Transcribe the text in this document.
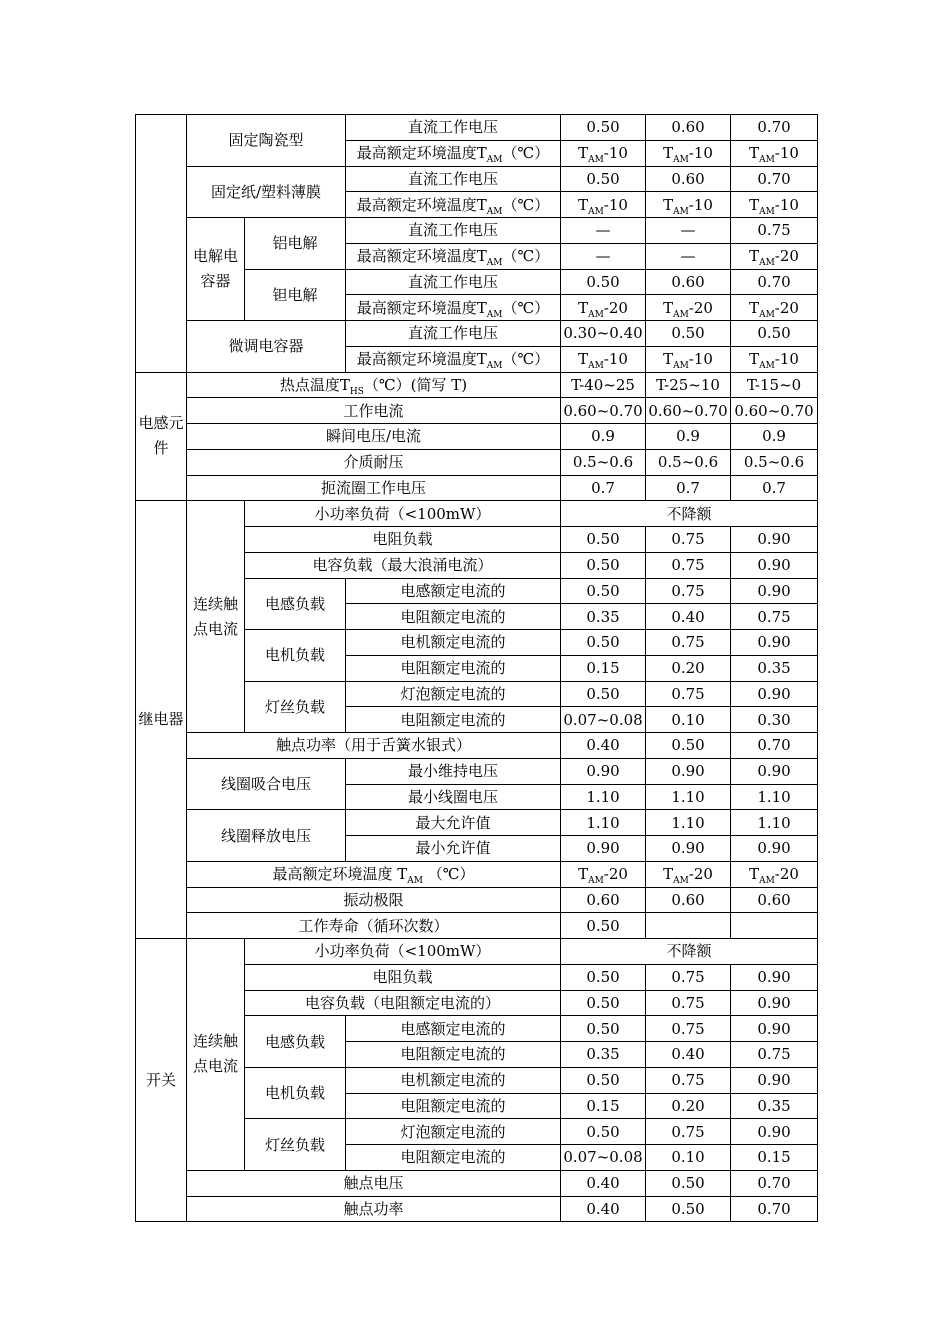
	固定陶瓷型		直流工作电压	0.50	0.60	0.70
			最高额定环境温度$T_{AM}(℃)$	$T_{AM}-10$	$T_{AM}-10$	$T_{AM}-10$
	固定纸/塑料薄膜		直流工作电压	0.50	0.60	0.70
			最高额定环境温度$T_{AM}(℃)$	$T_{AM}-10$	$T_{AM}-10$	$T_{AM}-10$
	电解电容器	铝电解	直流工作电压	—	—	0.75
			最高额定环境温度$T_{AM}(℃)$	—	—	$T_{AM}-20$
		钽电解	直流工作电压	0.50	0.60	0.70
			最高额定环境温度$T_{AM}(℃)$	$T_{AM}-20$	$T_{AM}-20$	$T_{AM}-20$
	微调电容器		直流工作电压	0.30~0.40	0.50	0.50
			最高额定环境温度$T_{AM}(℃)$	$T_{AM}-10$	$T_{AM}-10$	$T_{AM}-10$
电感元件	热点温度$T_{HS}(℃)$(简写 T)			T-40~25	T-25~10	T-15~0
	工作电流			0.60~0.70	0.60~0.70	0.60~0.70
	瞬间电压/电流			0.9	0.9	0.9
	介质耐压			0.5~0.6	0.5~0.6	0.5~0.6
	扼流圈工作电压			0.7	0.7	0.7
继电器	连续触点电流	小功率负荷（<100mW）		不降额		
		电阻负载		0.50	0.75	0.90
		电容负载（最大浪涌电流）		0.50	0.75	0.90
		电感负载	电感额定电流的	0.50	0.75	0.90
			电阻额定电流的	0.35	0.40	0.75
		电机负载	电机额定电流的	0.50	0.75	0.90
			电阻额定电流的	0.15	0.20	0.35
		灯丝负载	灯泡额定电流的	0.50	0.75	0.90
			电阻额定电流的	0.07~0.08	0.10	0.30
	触点功率（用于舌簧水银式）			0.40	0.50	0.70
	线圈吸合电压		最小维持电压	0.90	0.90	0.90
			最小线圈电压	1.10	1.10	1.10
	线圈释放电压		最大允许值	1.10	1.10	1.10
			最小允许值	0.90	0.90	0.90
	最高额定环境温度 $T_{AM}$ （℃）			$T_{AM}-20$	$T_{AM}-20$	$T_{AM}-20$
	振动极限			0.60	0.60	0.60
	工作寿命（循环次数）			0.50		
开关	连续触点电流	小功率负荷（<100mW）		不降额		
		电阻负载		0.50	0.75	0.90
		电容负载（电阻额定电流的）		0.50	0.75	0.90
		电感负载	电感额定电流的	0.50	0.75	0.90
			电阻额定电流的	0.35	0.40	0.75
		电机负载	电机额定电流的	0.50	0.75	0.90
			电阻额定电流的	0.15	0.20	0.35
		灯丝负载	灯泡额定电流的	0.50	0.75	0.90
			电阻额定电流的	0.07~0.08	0.10	0.15
	触点电压			0.40	0.50	0.70
	触点功率			0.40	0.50	0.70
